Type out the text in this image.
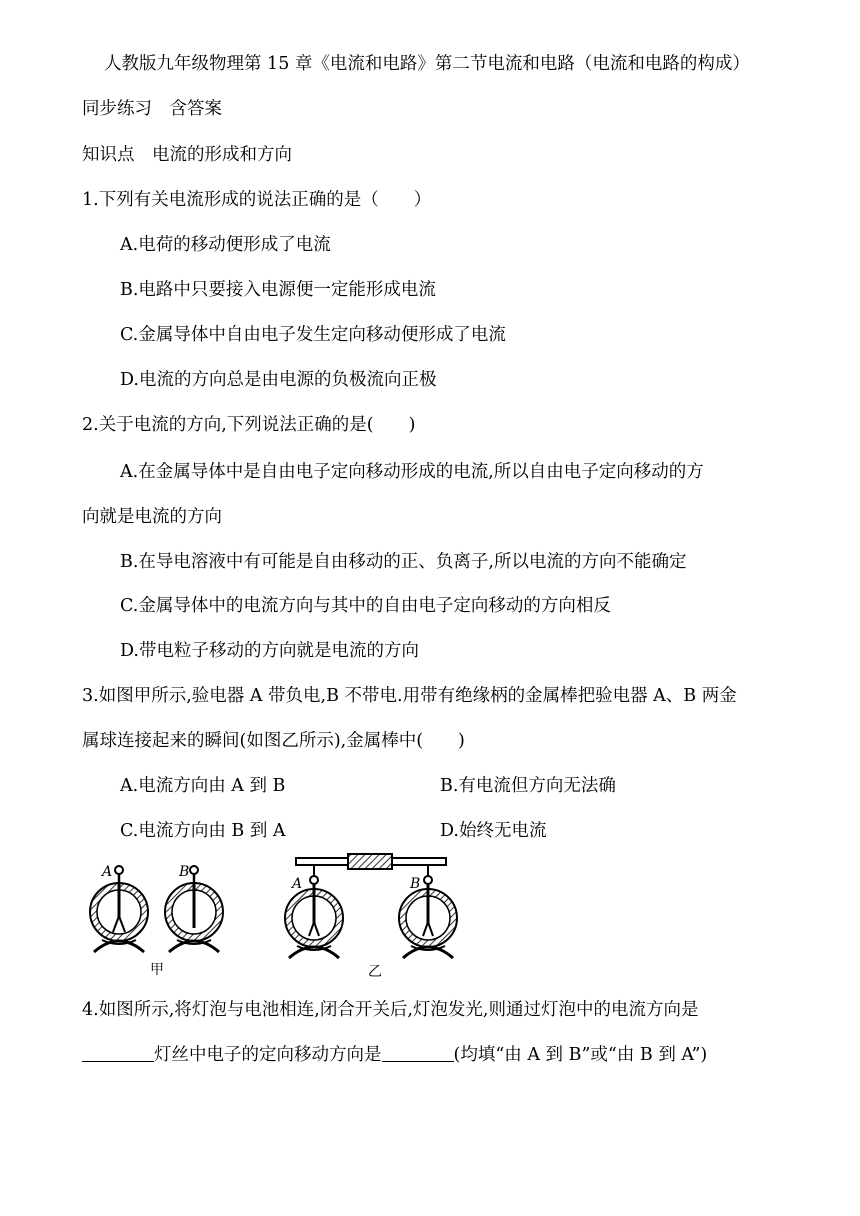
人教版九年级物理第 15 章《电流和电路》第二节电流和电路（电流和电路的构成）
同步练习　含答案
知识点　电流的形成和方向
1.下列有关电流形成的说法正确的是（　　）
A.电荷的移动便形成了电流
B.电路中只要接入电源便一定能形成电流
C.金属导体中自由电子发生定向移动便形成了电流
D.电流的方向总是由电源的负极流向正极
2.关于电流的方向,下列说法正确的是(　　)
A.在金属导体中是自由电子定向移动形成的电流,所以自由电子定向移动的方
向就是电流的方向
B.在导电溶液中有可能是自由移动的正、负离子,所以电流的方向不能确定
C.金属导体中的电流方向与其中的自由电子定向移动的方向相反
D.带电粒子移动的方向就是电流的方向
3.如图甲所示,验电器 A 带负电,B 不带电.用带有绝缘柄的金属棒把验电器 A、B 两金
属球连接起来的瞬间(如图乙所示),金属棒中(　　)
A.电流方向由 A 到 B	B.有电流但方向无法确
C.电流方向由 B 到 A	D.始终无电流
A	B
甲
A	B
乙
4.如图所示,将灯泡与电池相连,闭合开关后,灯泡发光,则通过灯泡中的电流方向是
灯丝中电子的定向移动方向是	(均填“由 A 到 B”或“由 B 到 A”)
